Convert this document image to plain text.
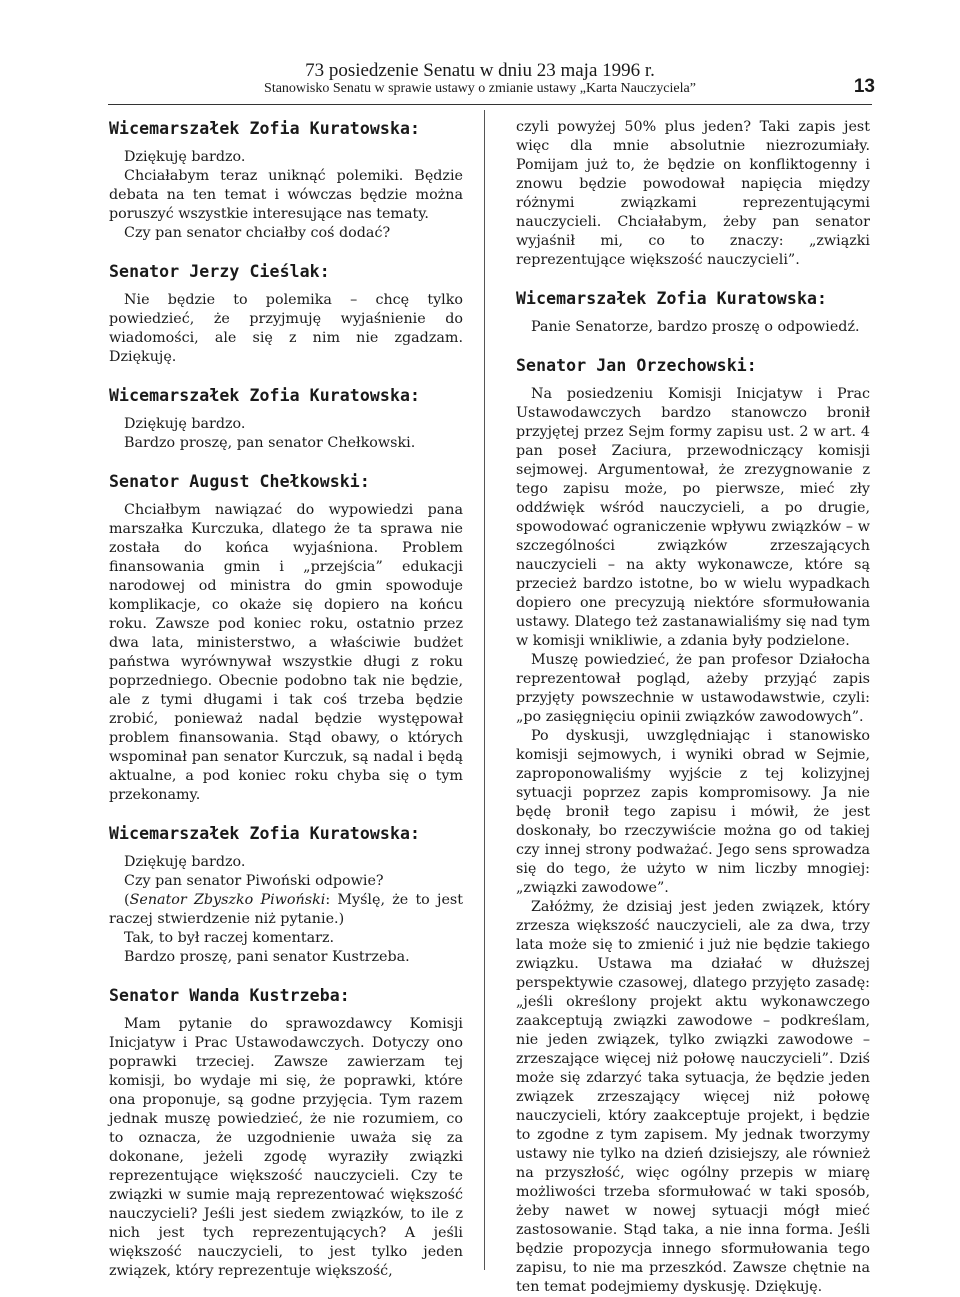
73 posiedzenie Senatu w dniu 23 maja 1996 r.
Stanowisko Senatu w sprawie ustawy o zmianie ustawy „Karta Nauczyciela”	13
Wicemarszałek Zofia Kuratowska:

Dziękuję bardzo.

Chciałabym teraz uniknąć polemiki. Będzie debata na ten temat i wówczas będzie można poruszyć wszystkie interesujące nas tematy.

Czy pan senator chciałby coś dodać?

Senator Jerzy Cieślak:

Nie będzie to polemika – chcę tylko powiedzieć, że przyjmuję wyjaśnienie do wiadomości, ale się z nim nie zgadzam. Dziękuję.

Wicemarszałek Zofia Kuratowska:

Dziękuję bardzo.

Bardzo proszę, pan senator Chełkowski.

Senator August Chełkowski:

Chciałbym nawiązać do wypowiedzi pana marszałka Kurczuka, dlatego że ta sprawa nie została do końca wyjaśniona. Problem finansowania gmin i „przejścia” edukacji narodowej od ministra do gmin spowoduje komplikacje, co okaże się dopiero na końcu roku. Zawsze pod koniec roku, ostatnio przez dwa lata, ministerstwo, a właściwie budżet państwa wyrównywał wszystkie długi z roku poprzedniego. Obecnie podobno tak nie będzie, ale z tymi długami i tak coś trzeba będzie zrobić, ponieważ nadal będzie występował problem finansowania. Stąd obawy, o których wspominał pan senator Kurczuk, są nadal i będą aktualne, a pod koniec roku chyba się o tym przekonamy.

Wicemarszałek Zofia Kuratowska:

Dziękuję bardzo.

Czy pan senator Piwoński odpowie?

(Senator Zbyszko Piwoński: Myślę, że to jest raczej stwierdzenie niż pytanie.)

Tak, to był raczej komentarz.

Bardzo proszę, pani senator Kustrzeba.

Senator Wanda Kustrzeba:

Mam pytanie do sprawozdawcy Komisji Inicjatyw i Prac Ustawodawczych. Dotyczy ono poprawki trzeciej. Zawsze zawierzam tej komisji, bo wydaje mi się, że poprawki, które ona proponuje, są godne przyjęcia. Tym razem jednak muszę powiedzieć, że nie rozumiem, co to oznacza, że uzgodnienie uważa się za dokonane, jeżeli zgodę wyraziły związki reprezentujące większość nauczycieli. Czy te związki w sumie mają reprezentować większość nauczycieli? Jeśli jest siedem związków, to ile z nich jest tych reprezentujących? A jeśli większość nauczycieli, to jest tylko jeden związek, który reprezentuje większość,

czyli powyżej 50% plus jeden? Taki zapis jest więc dla mnie absolutnie niezrozumiały. Pomijam już to, że będzie on konfliktogenny i znowu będzie powodował napięcia między różnymi związkami reprezentującymi nauczycieli. Chciałabym, żeby pan senator wyjaśnił mi, co to znaczy: „związki reprezentujące większość nauczycieli”.

Wicemarszałek Zofia Kuratowska:

Panie Senatorze, bardzo proszę o odpowiedź.

Senator Jan Orzechowski:

Na posiedzeniu Komisji Inicjatyw i Prac Ustawodawczych bardzo stanowczo bronił przyjętej przez Sejm formy zapisu ust. 2 w art. 4 pan poseł Zaciura, przewodniczący komisji sejmowej. Argumentował, że zrezygnowanie z tego zapisu może, po pierwsze, mieć zły oddźwięk wśród nauczycieli, a po drugie, spowodować ograniczenie wpływu związków – w szczególności związków zrzeszających nauczycieli – na akty wykonawcze, które są przecież bardzo istotne, bo w wielu wypadkach dopiero one precyzują niektóre sformułowania ustawy. Dlatego też zastanawialiśmy się nad tym w komisji wnikliwie, a zdania były podzielone.

Muszę powiedzieć, że pan profesor Działocha reprezentował pogląd, ażeby przyjąć zapis przyjęty powszechnie w ustawodawstwie, czyli: „po zasięgnięciu opinii związków zawodowych”.

Po dyskusji, uwzględniając i stanowisko komisji sejmowych, i wyniki obrad w Sejmie, zaproponowaliśmy wyjście z tej kolizyjnej sytuacji poprzez zapis kompromisowy. Ja nie będę bronił tego zapisu i mówił, że jest doskonały, bo rzeczywiście można go od takiej czy innej strony podważać. Jego sens sprowadza się do tego, że użyto w nim liczby mnogiej: „związki zawodowe”.

Załóżmy, że dzisiaj jest jeden związek, który zrzesza większość nauczycieli, ale za dwa, trzy lata może się to zmienić i już nie będzie takiego związku. Ustawa ma działać w dłuższej perspektywie czasowej, dlatego przyjęto zasadę: „jeśli określony projekt aktu wykonawczego zaakceptują związki zawodowe – podkreślam, nie jeden związek, tylko związki zawodowe – zrzeszające więcej niż połowę nauczycieli”. Dziś może się zdarzyć taka sytuacja, że będzie jeden związek zrzeszający więcej niż połowę nauczycieli, który zaakceptuje projekt, i będzie to zgodne z tym zapisem. My jednak tworzymy ustawy nie tylko na dzień dzisiejszy, ale również na przyszłość, więc ogólny przepis w miarę możliwości trzeba sformułować w taki sposób, żeby nawet w nowej sytuacji mógł mieć zastosowanie. Stąd taka, a nie inna forma. Jeśli będzie propozycja innego sformułowania tego zapisu, to nie ma przeszkód. Zawsze chętnie na ten temat podejmiemy dyskusję. Dziękuję.
